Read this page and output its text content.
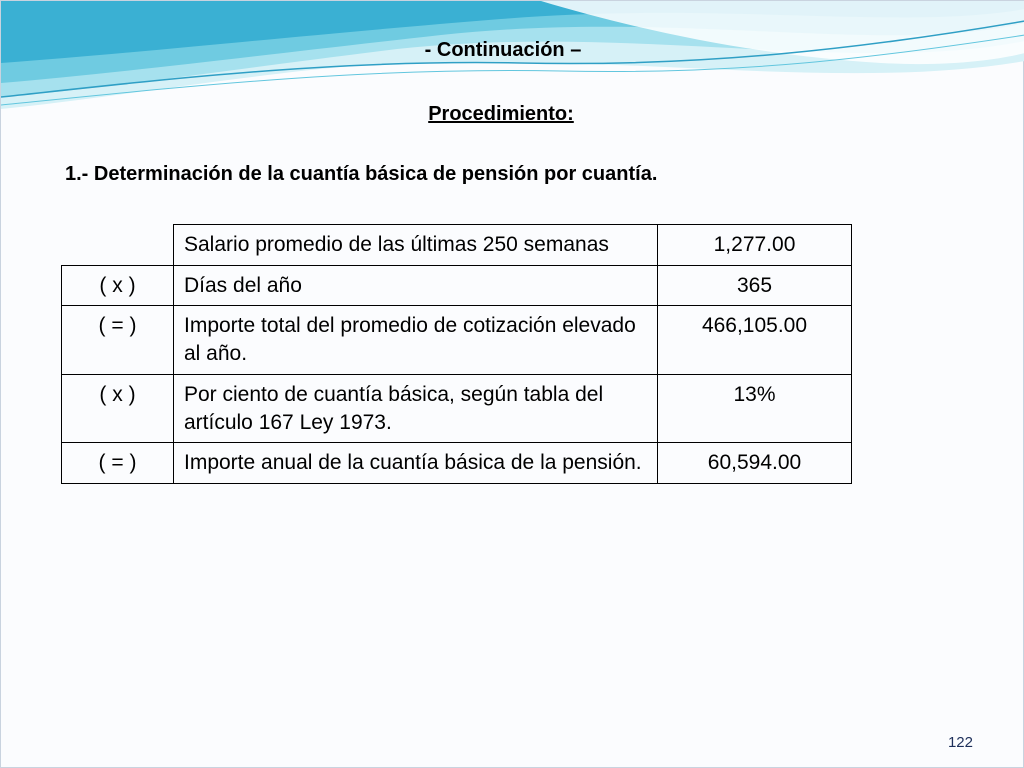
- Continuación –
Procedimiento:
1.- Determinación de la cuantía básica de pensión por cuantía.
	Salario promedio de las últimas 250 semanas	1,277.00
( x )	Días del año	365
( = )	Importe total del promedio de cotización elevado al año.	466,105.00
( x )	Por ciento de cuantía básica, según tabla del artículo 167 Ley 1973.	13%
( = )	Importe anual de la cuantía básica de la pensión.	60,594.00
122
